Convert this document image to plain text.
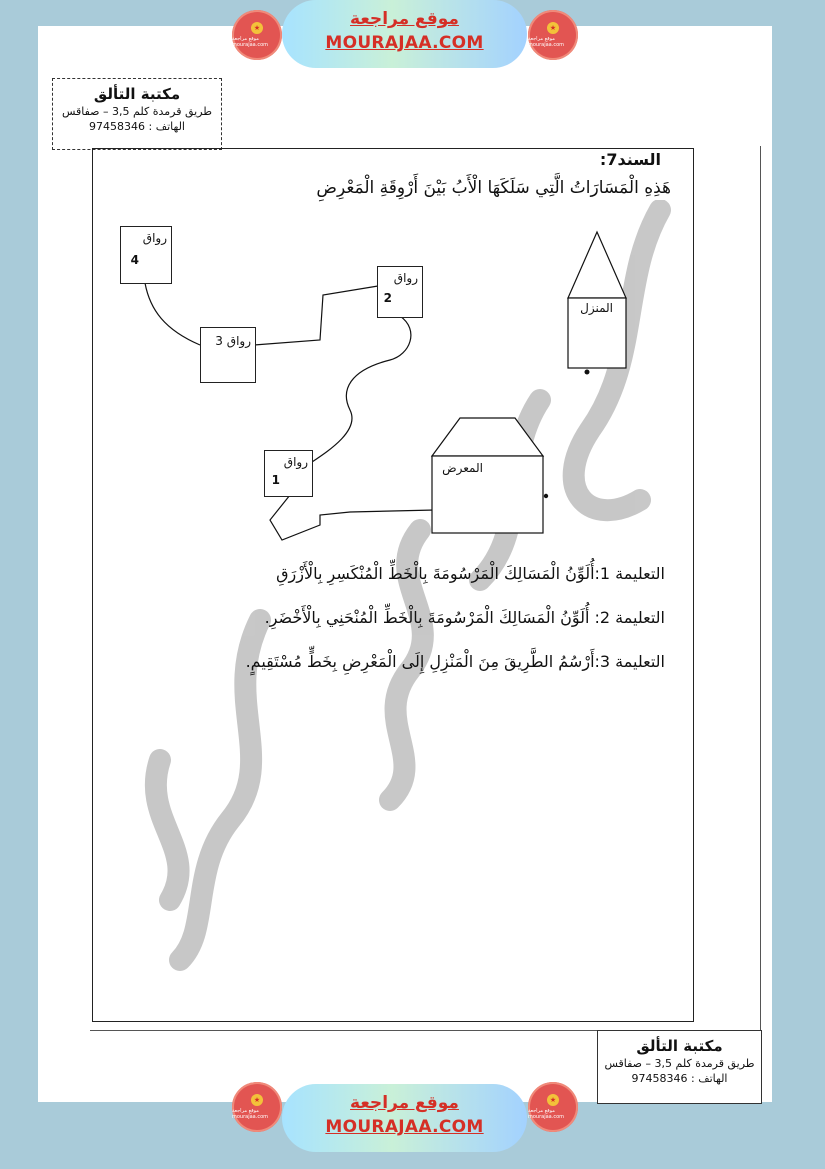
★
موقع مراجعة mourajaa.com
موقع مراجعة
MOURAJAA.COM
★
موقع مراجعة mourajaa.com
مكتبة التألق
طريق قرمدة كلم 3,5 – صفاقس
الهاتف : 97458346
السند7:
هَذِهِ الْمَسَارَاتُ الَّتِي سَلَكَهَا الْأَبُ بَيْنَ أَرْوِقَةِ الْمَعْرِضِ
رواق
4
رواق
2
رواق 3
رواق
1
المنزل
المعرض
التعليمة 1:أُلَوِّنُ الْمَسَالِكَ الْمَرْسُومَةَ بِالْخَطِّ الْمُنْكَسِرِ بِالْأَزْرَقِ
التعليمة 2: أُلَوِّنُ الْمَسَالِكَ الْمَرْسُومَةَ بِالْخَطِّ الْمُنْحَنِي بِالْأَخْضَرِ.
التعليمة 3:أَرْسُمُ الطَّرِيقَ مِنَ الْمَنْزِلِ إِلَى الْمَعْرِضِ بِخَطٍّ مُسْتَقِيمٍ.
مكتبة التألق
طريق قرمدة كلم 3,5 – صفاقس
الهاتف : 97458346
★
موقع مراجعة mourajaa.com
موقع مراجعة
MOURAJAA.COM
★
موقع مراجعة mourajaa.com
